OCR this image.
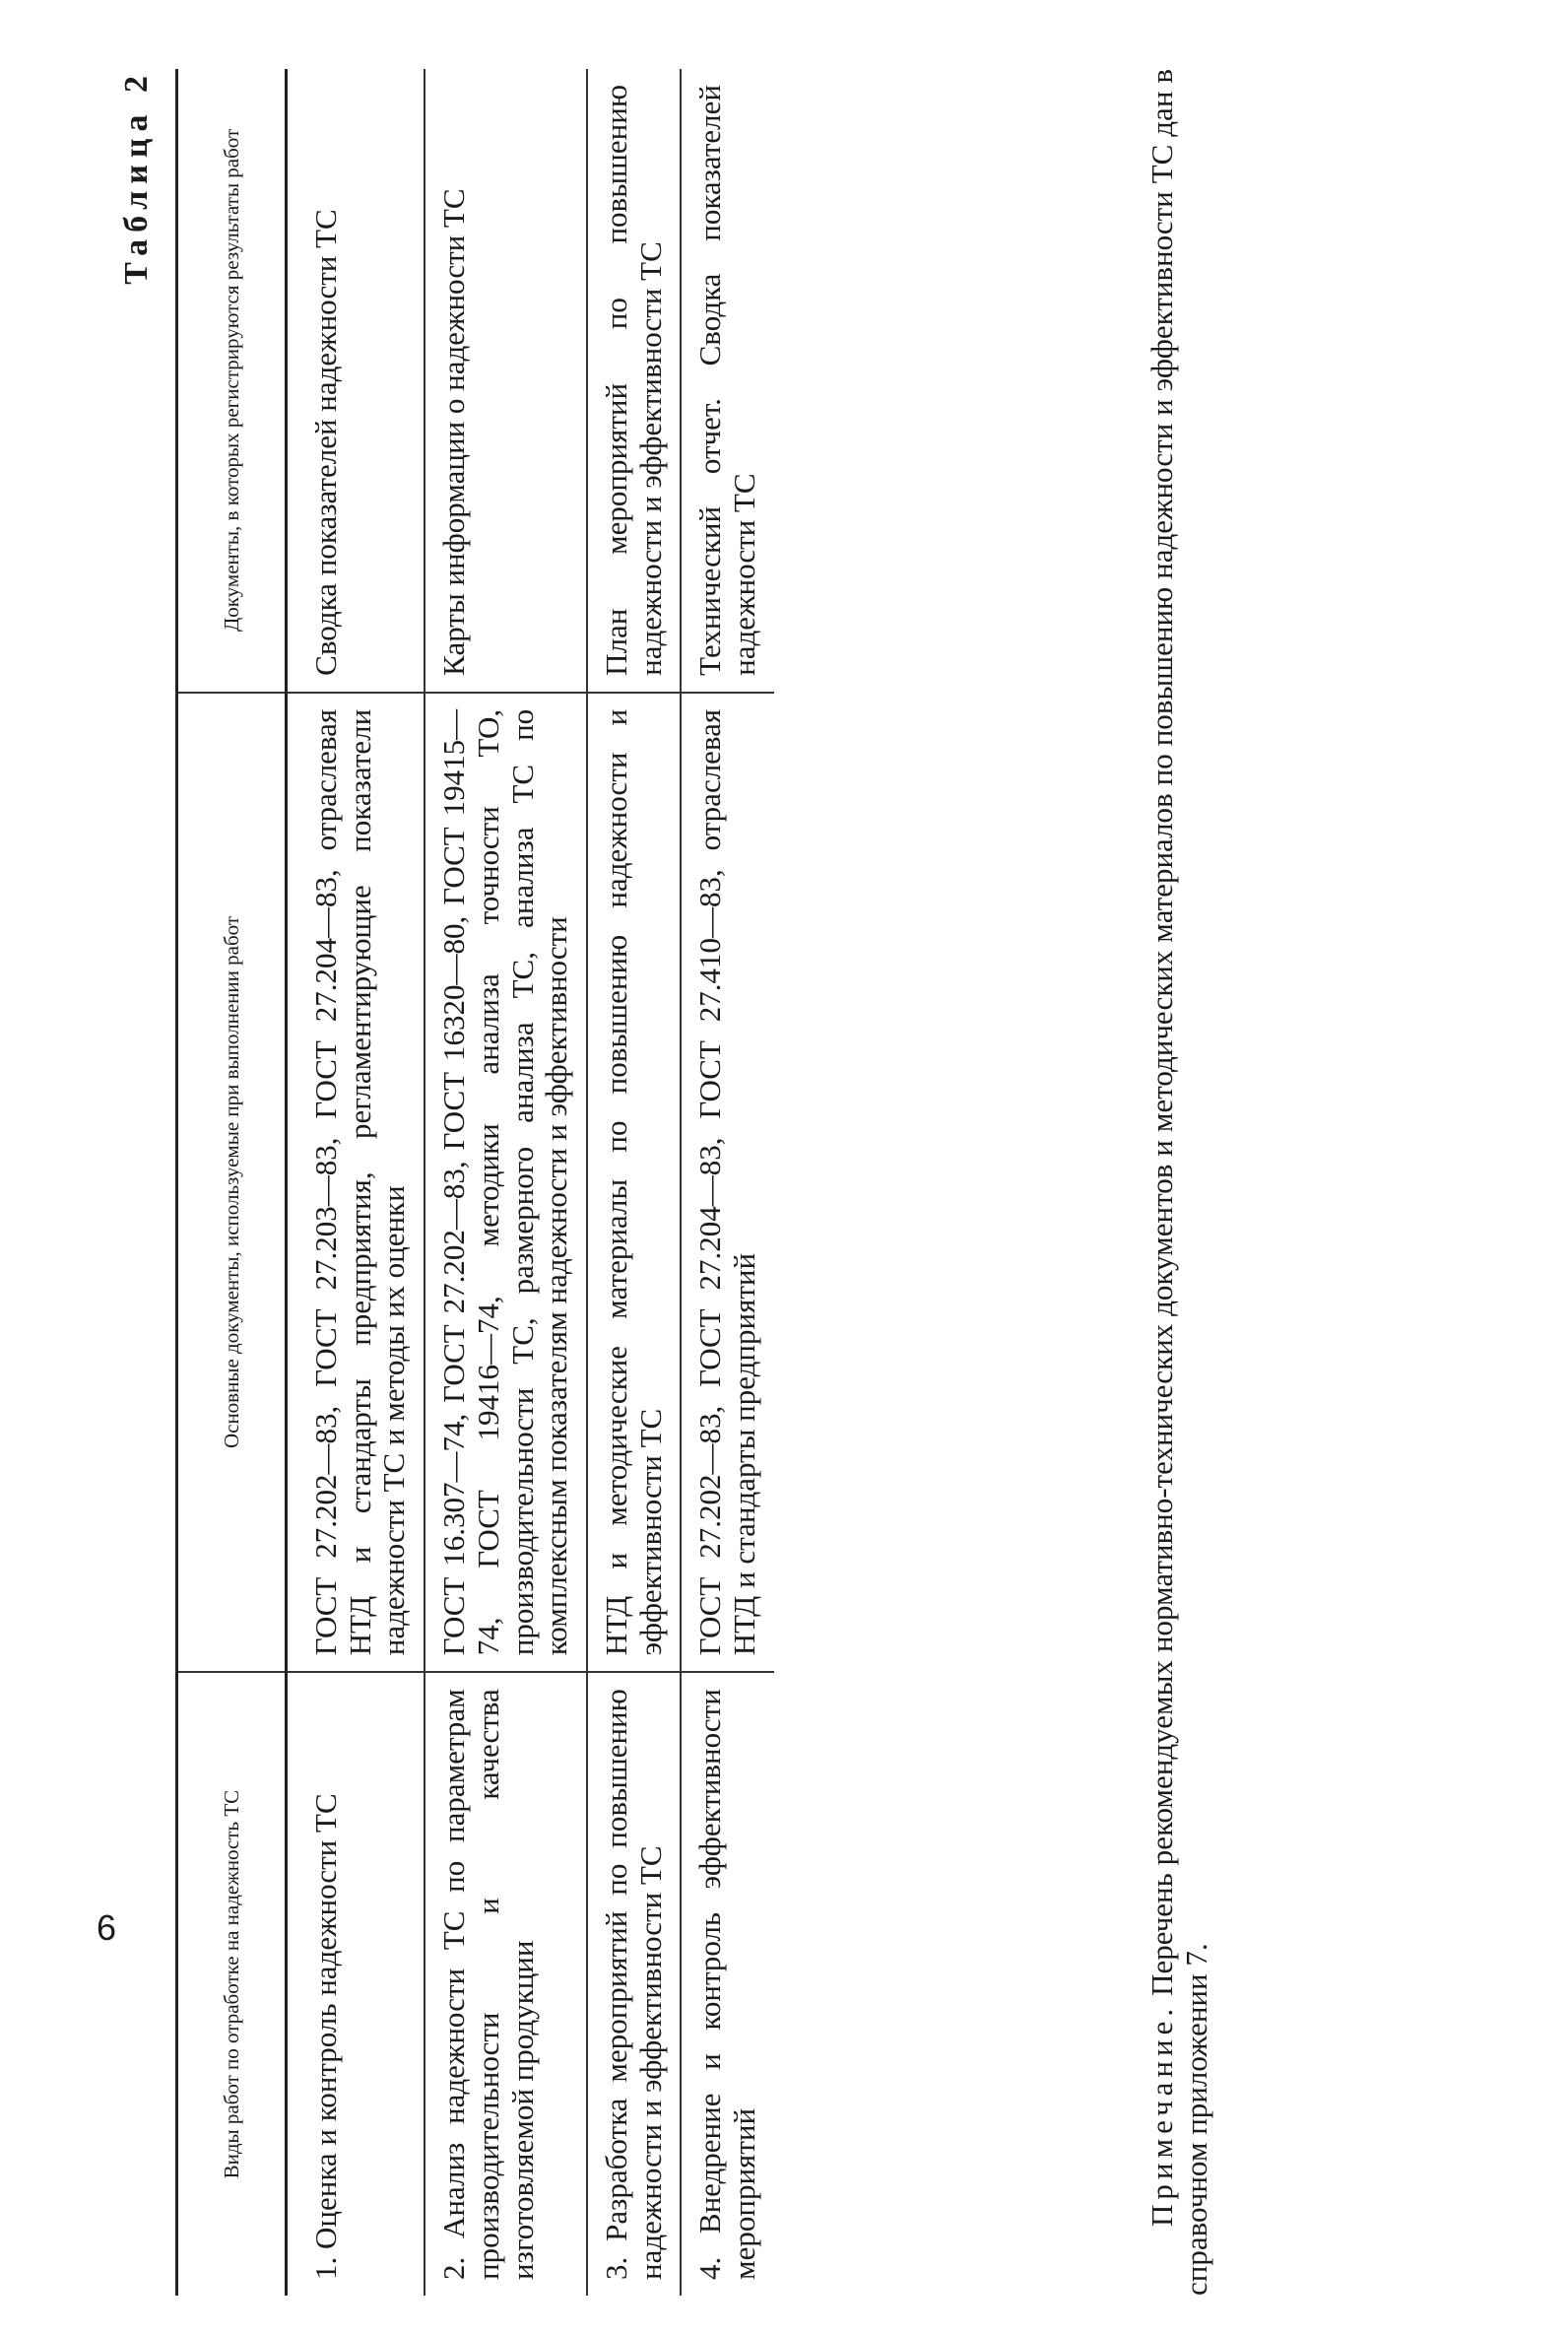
6
Таблица 2
Виды работ по отработке на надежность ТС	Основные документы, используемые при выполнении работ	Документы, в которых регистрируются результаты работ
1. Оценка и контроль надежности ТС	ГОСТ 27.202—83, ГОСТ 27.203—83, ГОСТ 27.204—83, отраслевая НТД и стандарты предприятия, регламентирующие показатели надежности ТС и методы их оценки	Сводка показателей надежности ТС
2. Анализ надежности ТС по параметрам производительности и качества изготовляемой продукции	ГОСТ 16.307—74, ГОСТ 27.202—83, ГОСТ 16320—80, ГОСТ 19415—74, ГОСТ 19416—74, методики анализа точности ТО, производительности ТС, размерного анализа ТС, анализа ТС по комплексным показателям надежности и эффективности	Карты информации о надежности ТС
3. Разработка мероприятий по повышению надежности и эффективности ТС	НТД и методические материалы по повышению надежности и эффективности ТС	План мероприятий по повышению надежности и эффективности ТС
4. Внедрение и контроль эффективности мероприятий	ГОСТ 27.202—83, ГОСТ 27.204—83, ГОСТ 27.410—83, отраслевая НТД и стандарты предприятий	Технический отчет. Сводка показателей надежности ТС

Примечание. Перечень рекомендуемых нормативно-технических документов и методических материалов по повышению надежности и эффективности ТС дан в справочном приложении 7.
